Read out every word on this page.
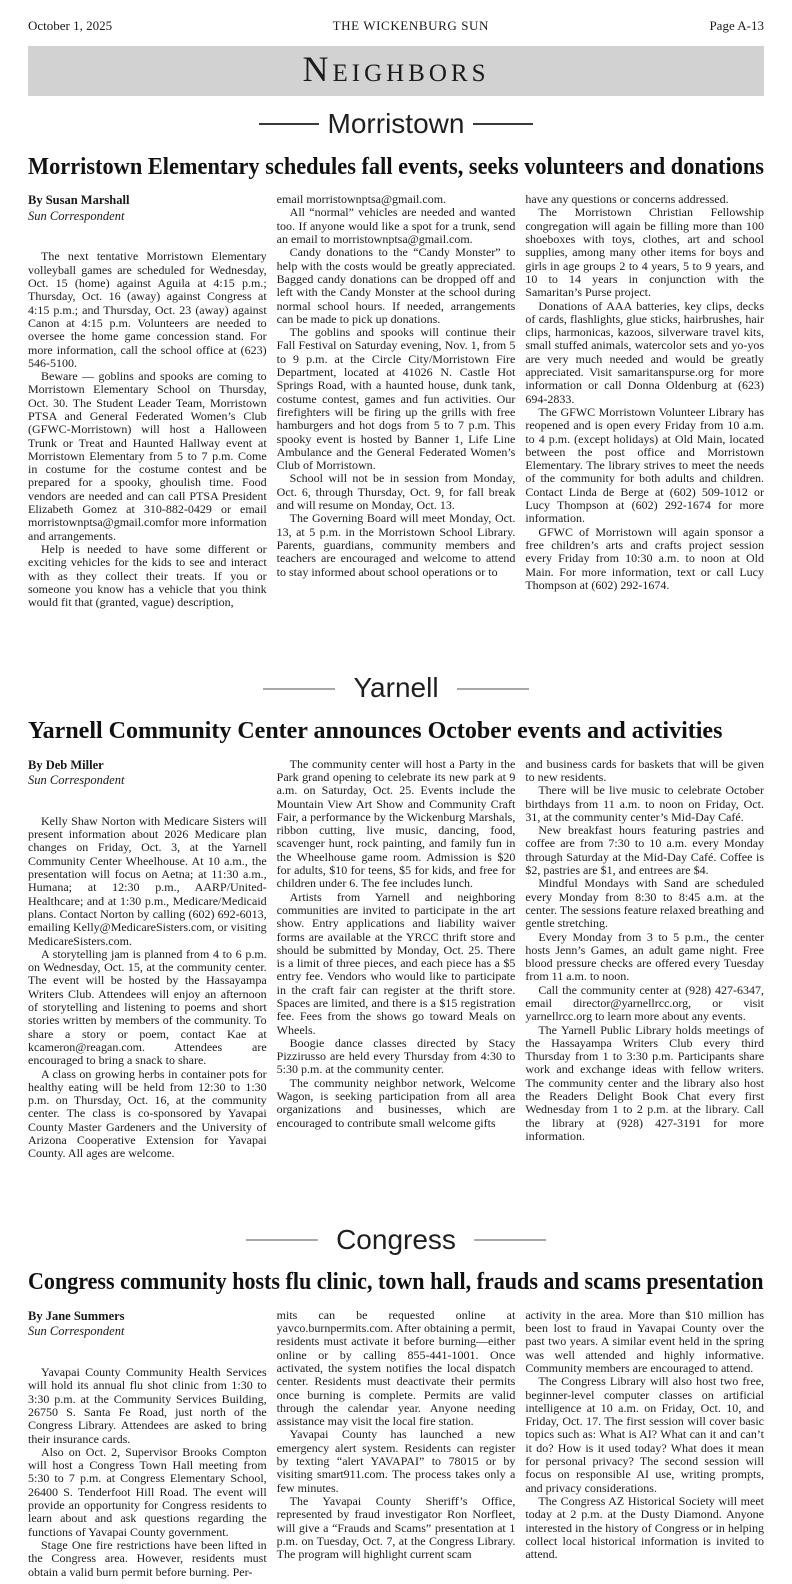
October 1, 2025	THE WICKENBURG SUN	Page A-13
Neighbors
Morristown
Morristown Elementary schedules fall events, seeks volunteers and donations
By Susan Marshall
Sun Correspondent

The next tentative Morristown Elementary volleyball games are scheduled for Wednesday, Oct. 15 (home) against Aguila at 4:15 p.m.; Thursday, Oct. 16 (away) against Congress at 4:15 p.m.; and Thursday, Oct. 23 (away) against Canon at 4:15 p.m. Volunteers are needed to oversee the home game concession stand. For more information, call the school office at (623) 546-5100.

Beware — goblins and spooks are coming to Morristown Elementary School on Thursday, Oct. 30. The Student Leader Team, Morristown PTSA and General Federated Women’s Club (GFWC-Morristown) will host a Halloween Trunk or Treat and Haunted Hallway event at Morristown Elementary from 5 to 7 p.m. Come in costume for the costume contest and be prepared for a spooky, ghoulish time. Food vendors are needed and can call PTSA President Elizabeth Gomez at 310-882-0429 or email morristownptsa@gmail.comfor more information and arrangements.

Help is needed to have some different or exciting vehicles for the kids to see and interact with as they collect their treats. If you or someone you know has a vehicle that you think would fit that (granted, vague) description,

email morristownptsa@gmail.com.

All “normal” vehicles are needed and wanted too. If anyone would like a spot for a trunk, send an email to morristownptsa@gmail.com.

Candy donations to the “Candy Monster” to help with the costs would be greatly appreciated. Bagged candy donations can be dropped off and left with the Candy Monster at the school during normal school hours. If needed, arrangements can be made to pick up donations.

The goblins and spooks will continue their Fall Festival on Saturday evening, Nov. 1, from 5 to 9 p.m. at the Circle City/Morristown Fire Department, located at 41026 N. Castle Hot Springs Road, with a haunted house, dunk tank, costume contest, games and fun activities. Our firefighters will be firing up the grills with free hamburgers and hot dogs from 5 to 7 p.m. This spooky event is hosted by Banner 1, Life Line Ambulance and the General Federated Women’s Club of Morristown.

School will not be in session from Monday, Oct. 6, through Thursday, Oct. 9, for fall break and will resume on Monday, Oct. 13.

The Governing Board will meet Monday, Oct. 13, at 5 p.m. in the Morristown School Library. Parents, guardians, community members and teachers are encouraged and welcome to attend to stay informed about school operations or to

have any questions or concerns addressed.

The Morristown Christian Fellowship congregation will again be filling more than 100 shoeboxes with toys, clothes, art and school supplies, among many other items for boys and girls in age groups 2 to 4 years, 5 to 9 years, and 10 to 14 years in conjunction with the Samaritan’s Purse project.

Donations of AAA batteries, key clips, decks of cards, flashlights, glue sticks, hairbrushes, hair clips, harmonicas, kazoos, silverware travel kits, small stuffed animals, watercolor sets and yo-yos are very much needed and would be greatly appreciated. Visit samaritanspurse.org for more information or call Donna Oldenburg at (623) 694-2833.

The GFWC Morristown Volunteer Library has reopened and is open every Friday from 10 a.m. to 4 p.m. (except holidays) at Old Main, located between the post office and Morristown Elementary. The library strives to meet the needs of the community for both adults and children. Contact Linda de Berge at (602) 509-1012 or Lucy Thompson at (602) 292-1674 for more information.

GFWC of Morristown will again sponsor a free children’s arts and crafts project session every Friday from 10:30 a.m. to noon at Old Main. For more information, text or call Lucy Thompson at (602) 292-1674.

Yarnell
Yarnell Community Center announces October events and activities
By Deb Miller
Sun Correspondent

Kelly Shaw Norton with Medicare Sisters will present information about 2026 Medicare plan changes on Friday, Oct. 3, at the Yarnell Community Center Wheelhouse. At 10 a.m., the presentation will focus on Aetna; at 11:30 a.m., Humana; at 12:30 p.m., AARP/United-Healthcare; and at 1:30 p.m., Medicare/Medicaid plans. Contact Norton by calling (602) 692-6013, emailing Kelly@MedicareSisters.com, or visiting MedicareSisters.com.

A storytelling jam is planned from 4 to 6 p.m. on Wednesday, Oct. 15, at the community center. The event will be hosted by the Hassayampa Writers Club. Attendees will enjoy an afternoon of storytelling and listening to poems and short stories written by members of the community. To share a story or poem, contact Kae at kcameron@reagan.com. Attendees are encouraged to bring a snack to share.

A class on growing herbs in container pots for healthy eating will be held from 12:30 to 1:30 p.m. on Thursday, Oct. 16, at the community center. The class is co-sponsored by Yavapai County Master Gardeners and the University of Arizona Cooperative Extension for Yavapai County. All ages are welcome.

The community center will host a Party in the Park grand opening to celebrate its new park at 9 a.m. on Saturday, Oct. 25. Events include the Mountain View Art Show and Community Craft Fair, a performance by the Wickenburg Marshals, ribbon cutting, live music, dancing, food, scavenger hunt, rock painting, and family fun in the Wheelhouse game room. Admission is $20 for adults, $10 for teens, $5 for kids, and free for children under 6. The fee includes lunch.

Artists from Yarnell and neighboring communities are invited to participate in the art show. Entry applications and liability waiver forms are available at the YRCC thrift store and should be submitted by Monday, Oct. 25. There is a limit of three pieces, and each piece has a $5 entry fee. Vendors who would like to participate in the craft fair can register at the thrift store. Spaces are limited, and there is a $15 registration fee. Fees from the shows go toward Meals on Wheels.

Boogie dance classes directed by Stacy Pizzirusso are held every Thursday from 4:30 to 5:30 p.m. at the community center.

The community neighbor network, Welcome Wagon, is seeking participation from all area organizations and businesses, which are encouraged to contribute small welcome gifts

and business cards for baskets that will be given to new residents.

There will be live music to celebrate October birthdays from 11 a.m. to noon on Friday, Oct. 31, at the community center’s Mid-Day Café.

New breakfast hours featuring pastries and coffee are from 7:30 to 10 a.m. every Monday through Saturday at the Mid-Day Café. Coffee is $2, pastries are $1, and entrees are $4.

Mindful Mondays with Sand are scheduled every Monday from 8:30 to 8:45 a.m. at the center. The sessions feature relaxed breathing and gentle stretching.

Every Monday from 3 to 5 p.m., the center hosts Jenn’s Games, an adult game night. Free blood pressure checks are offered every Tuesday from 11 a.m. to noon.

Call the community center at (928) 427-6347, email director@yarnellrcc.org, or visit yarnellrcc.org to learn more about any events.

The Yarnell Public Library holds meetings of the Hassayampa Writers Club every third Thursday from 1 to 3:30 p.m. Participants share work and exchange ideas with fellow writers. The community center and the library also host the Readers Delight Book Chat every first Wednesday from 1 to 2 p.m. at the library. Call the library at (928) 427-3191 for more information.

Congress
Congress community hosts flu clinic, town hall, frauds and scams presentation
By Jane Summers
Sun Correspondent

Yavapai County Community Health Services will hold its annual flu shot clinic from 1:30 to 3:30 p.m. at the Community Services Building, 26750 S. Santa Fe Road, just north of the Congress Library. Attendees are asked to bring their insurance cards.

Also on Oct. 2, Supervisor Brooks Compton will host a Congress Town Hall meeting from 5:30 to 7 p.m. at Congress Elementary School, 26400 S. Tenderfoot Hill Road. The event will provide an opportunity for Congress residents to learn about and ask questions regarding the functions of Yavapai County government.

Stage One fire restrictions have been lifted in the Congress area. However, residents must obtain a valid burn permit before burning. Per-

mits can be requested online at yavco.burnpermits.com. After obtaining a permit, residents must activate it before burning—either online or by calling 855-441-1001. Once activated, the system notifies the local dispatch center. Residents must deactivate their permits once burning is complete. Permits are valid through the calendar year. Anyone needing assistance may visit the local fire station.

Yavapai County has launched a new emergency alert system. Residents can register by texting “alert YAVAPAI” to 78015 or by visiting smart911.com. The process takes only a few minutes.

The Yavapai County Sheriff’s Office, represented by fraud investigator Ron Norfleet, will give a “Frauds and Scams” presentation at 1 p.m. on Tuesday, Oct. 7, at the Congress Library. The program will highlight current scam

activity in the area. More than $10 million has been lost to fraud in Yavapai County over the past two years. A similar event held in the spring was well attended and highly informative. Community members are encouraged to attend.

The Congress Library will also host two free, beginner-level computer classes on artificial intelligence at 10 a.m. on Friday, Oct. 10, and Friday, Oct. 17. The first session will cover basic topics such as: What is AI? What can it and can’t it do? How is it used today? What does it mean for personal privacy? The second session will focus on responsible AI use, writing prompts, and privacy considerations.

The Congress AZ Historical Society will meet today at 2 p.m. at the Dusty Diamond. Anyone interested in the history of Congress or in helping collect local historical information is invited to attend.
